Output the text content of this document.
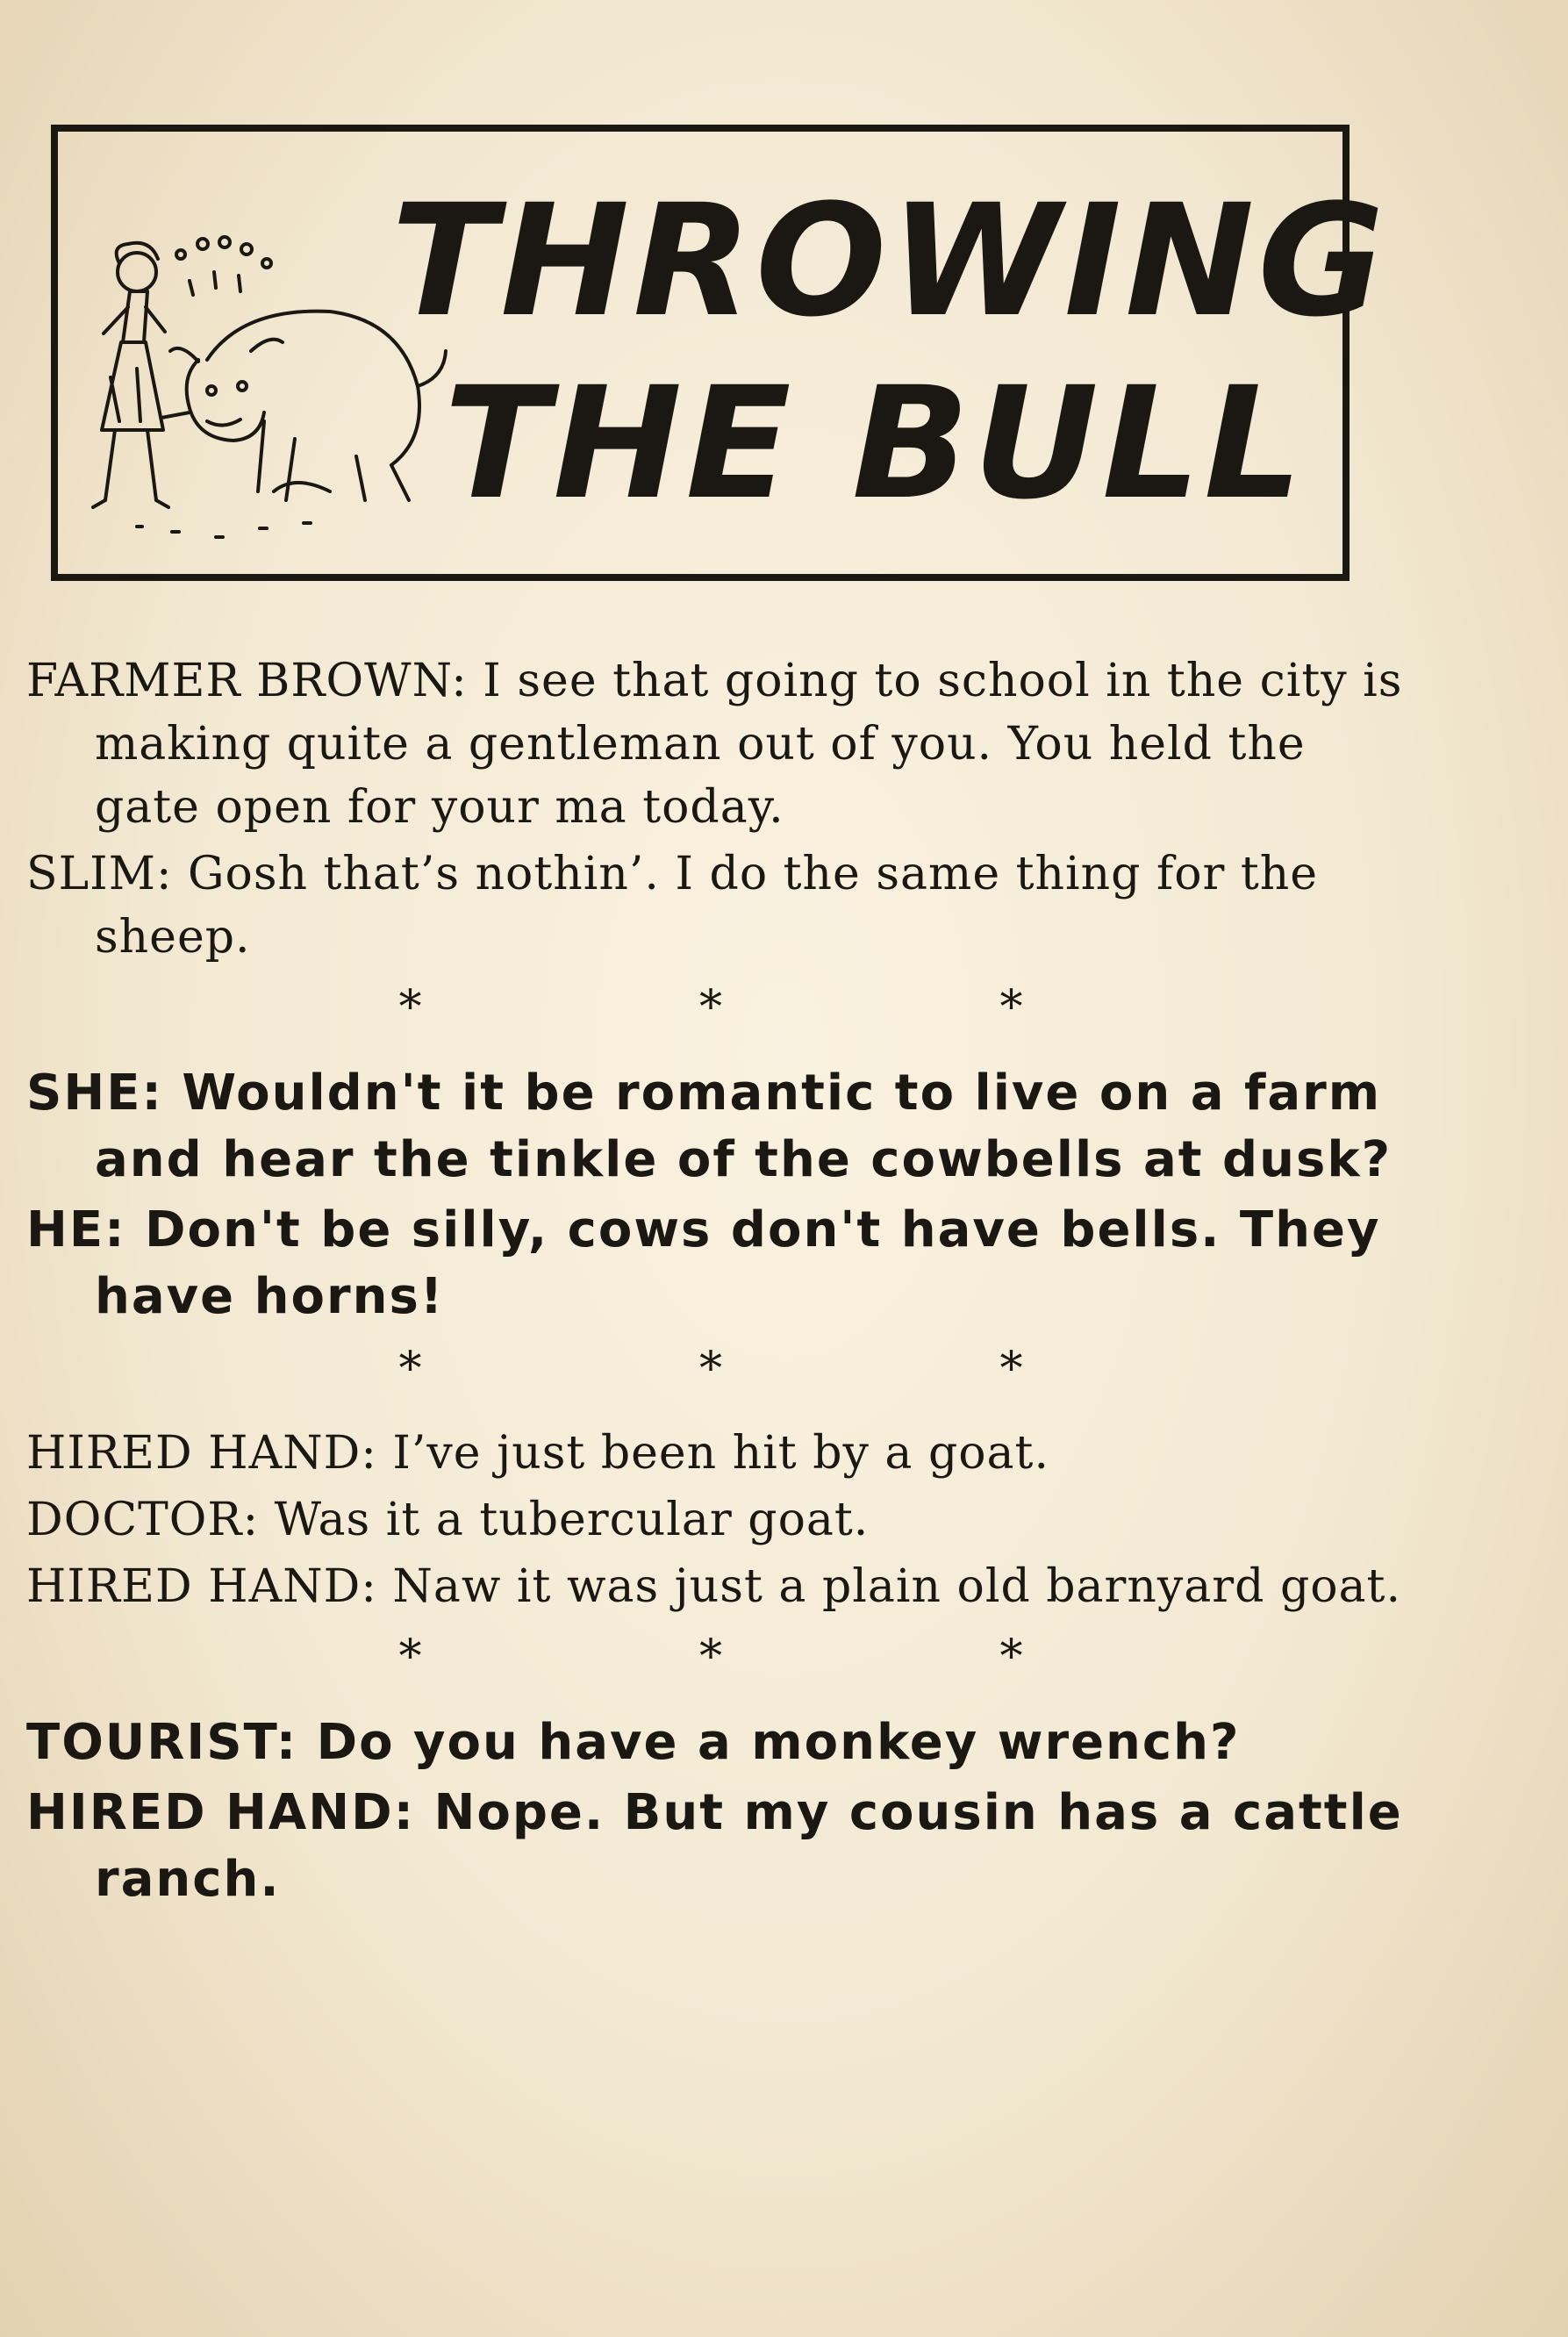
THROWING
THE BULL

FARMER BROWN: I see that going to school in the city is making quite a gentleman out of you. You held the gate open for your ma today.

SLIM: Gosh that’s nothin’. I do the same thing for the sheep.

* * *

SHE: Wouldn't it be romantic to live on a farm and hear the tinkle of the cowbells at dusk?

HE: Don't be silly, cows don't have bells. They have horns!

* * *

HIRED HAND: I’ve just been hit by a goat.

DOCTOR: Was it a tubercular goat.

HIRED HAND: Naw it was just a plain old barnyard goat.

* * *

TOURIST: Do you have a monkey wrench?

HIRED HAND: Nope. But my cousin has a cattle ranch.
